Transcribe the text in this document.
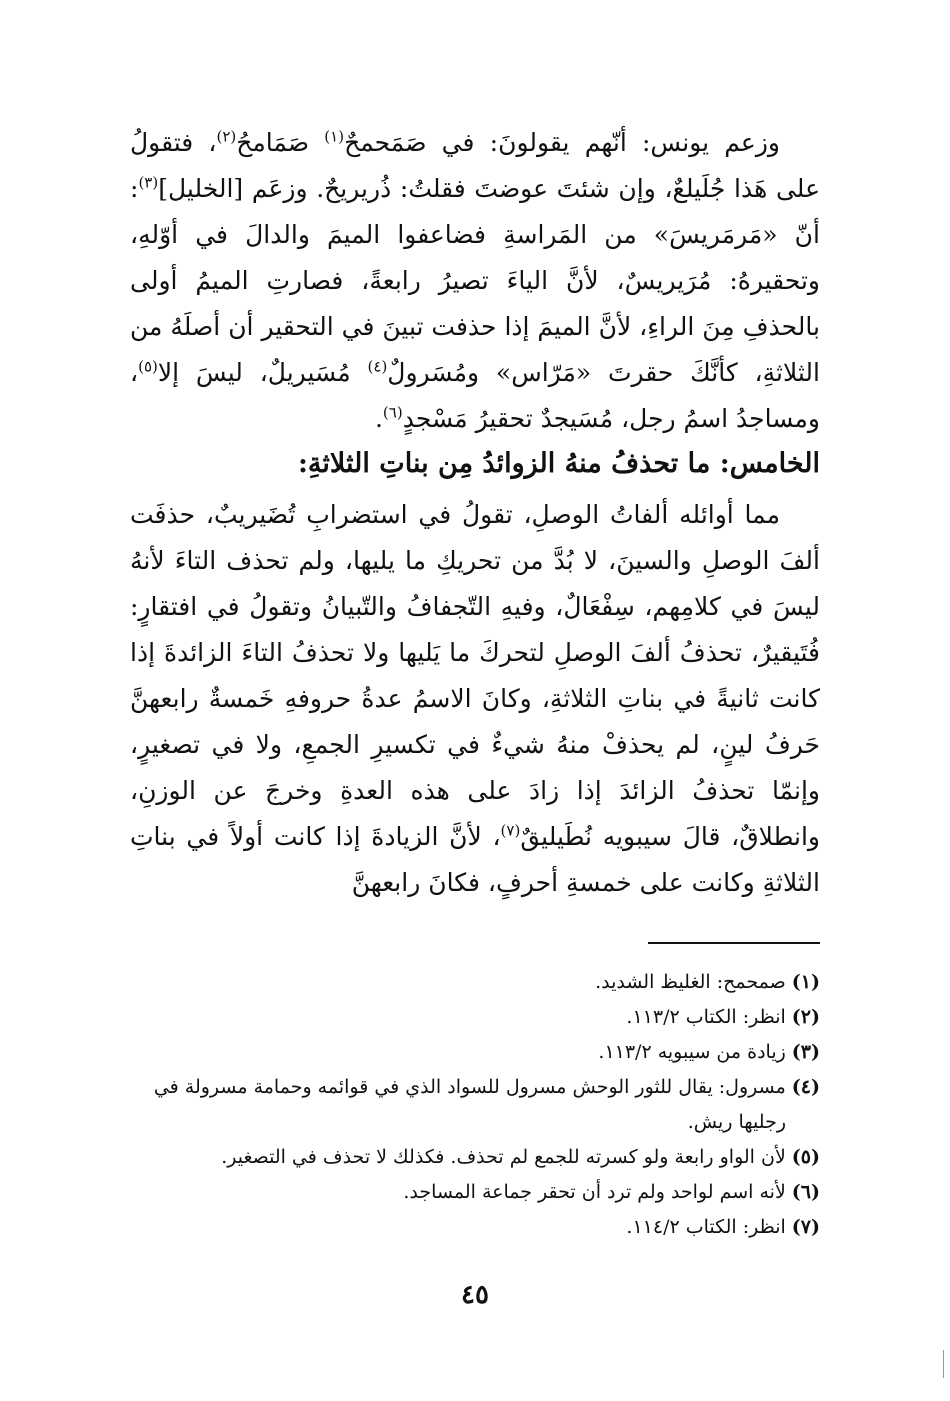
وزعم يونس: أنّهم يقولونَ: في صَمَحمحٌ$^{(١)}$ صَمَامحُ$^{(٢)}$، فتقولُ على هَذا جُلَيلعٌ، وإن شئتَ عوضتَ فقلتُ: ذُريريحٌ. وزعَم [الخليل]$^{(٣)}$: أنّ «مَرمَريسَ» من المَراسةِ فضاعفوا الميمَ والدالَ في أوّلهِ، وتحقيرهُ: مُرَيريسٌ، لأنَّ الياءَ تصيرُ رابعةً، فصارتِ الميمُ أولى بالحذفِ مِنَ الراءِ، لأنَّ الميمَ إذا حذفت تبينَ في التحقير أن أصلَهُ من الثلاثةِ، كأنَّكَ حقرتَ «مَرّاس» ومُسَرولٌ$^{(٤)}$ مُسَيريلٌ، ليسَ إلا$^{(٥)}$، ومساجدُ اسمُ رجل، مُسَيجدٌ تحقيرُ مَسْجدٍ$^{(٦)}$.

الخامس: ما تحذفُ منهُ الزوائدُ مِن بناتِ الثلاثةِ:

مما أوائله ألفاتُ الوصلِ، تقولُ في استضرابِ تُضَيريبٌ، حذفَت ألفَ الوصلِ والسينَ، لا بُدَّ من تحريكِ ما يليها، ولم تحذف التاءَ لأنهُ ليسَ في كلامِهم، سِفْعَالٌ، وفيهِ التّجفافُ والتّبيانُ وتقولُ في افتقارٍ: فُتَيقيرٌ، تحذفُ ألفَ الوصلِ لتحركَ ما يَليها ولا تحذفُ التاءَ الزائدةَ إذا كانت ثانيةً في بناتِ الثلاثةِ، وكانَ الاسمُ عدةُ حروفهِ خَمسةٌ رابعهنَّ حَرفُ لينٍ، لم يحذفْ منهُ شيءٌ في تكسيرِ الجمعِ، ولا في تصغيرٍ، وإنمّا تحذفُ الزائدَ إذا زادَ على هذه العدةِ وخرجَ عن الوزنِ، وانطلاقٌ، قالَ سيبويه نُطَيليقٌ$^{(٧)}$، لأنَّ الزيادةَ إذا كانت أولاً في بناتِ الثلاثةِ وكانت على خمسةِ أحرفٍ، فكانَ رابعهنَّ

(١)صمحمح: الغليظ الشديد.

(٢)انظر: الكتاب ١١٣/٢.

(٣)زيادة من سيبويه ١١٣/٢.

(٤)مسرول: يقال للثور الوحش مسرول للسواد الذي في قوائمه وحمامة مسرولة في

رجليها ريش.

(٥)لأن الواو رابعة ولو كسرته للجمع لم تحذف. فكذلك لا تحذف في التصغير.

(٦)لأنه اسم لواحد ولم ترد أن تحقر جماعة المساجد.

(٧)انظر: الكتاب ١١٤/٢.

٤٥
